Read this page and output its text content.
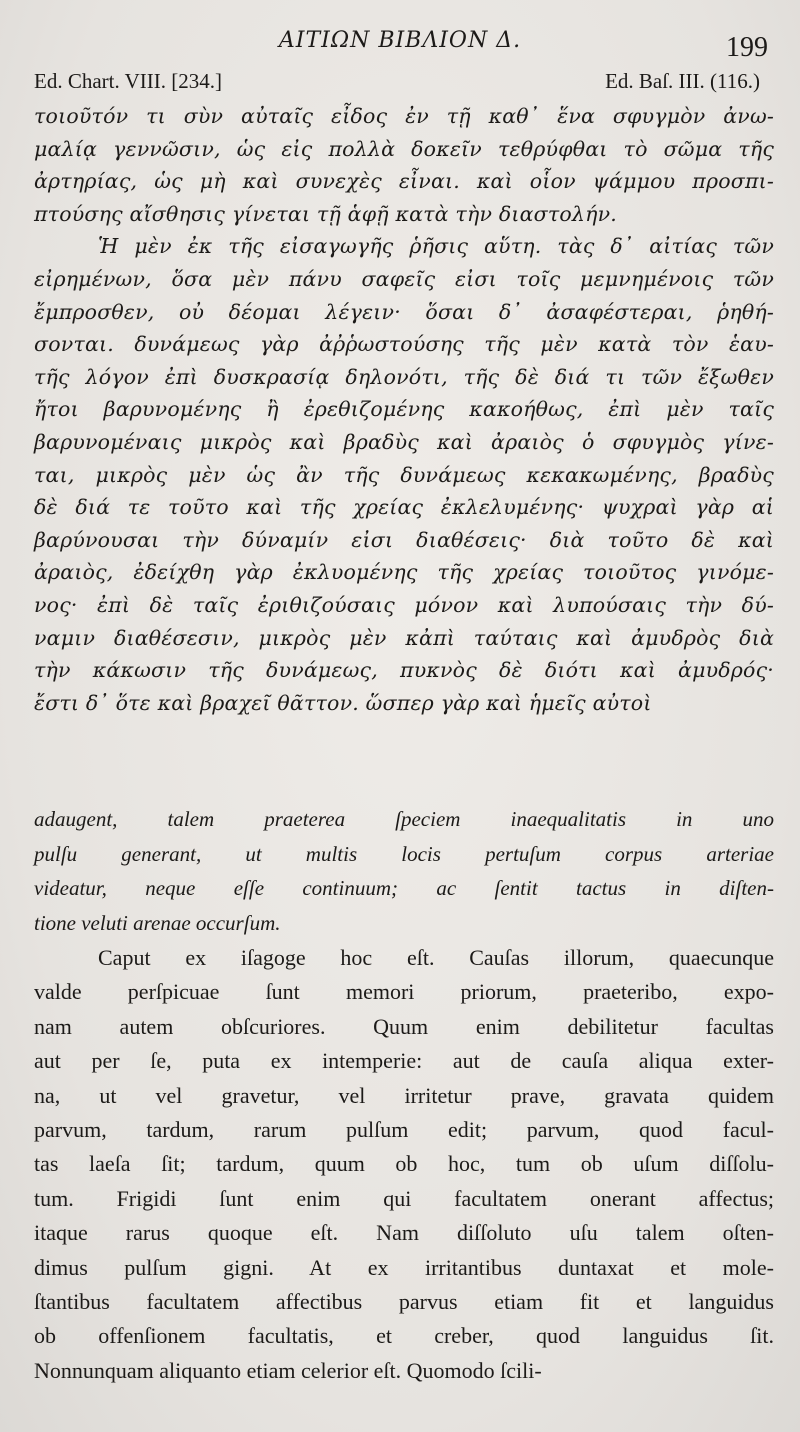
ΑΙΤΙΩΝ ΒΙΒΛΙΟΝ Δ.	199
Ed. Chart. VIII. [234.]	Ed. Baſ. III. (116.)
τοιοῦτόν τι σὺν αὐταῖς εἶδος ἐν τῇ καθ᾽ ἕνα σφυγμὸν ἀνω-
μαλίᾳ γεννῶσιν, ὡς εἰς πολλὰ δοκεῖν τεθρύφθαι τὸ σῶμα τῆς
ἀρτηρίας, ὡς μὴ καὶ συνεχὲς εἶναι. καὶ οἷον ψάμμου προσπι-
πτούσης αἴσθησις γίνεται τῇ ἁφῇ κατὰ τὴν διαστολήν.
Ἡ μὲν ἐκ τῆς εἰσαγωγῆς ῥῆσις αὕτη. τὰς δ᾽ αἰτίας τῶν
εἰρημένων, ὅσα μὲν πάνυ σαφεῖς εἰσι τοῖς μεμνημένοις τῶν
ἔμπροσθεν, οὐ δέομαι λέγειν· ὅσαι δ᾽ ἀσαφέστεραι, ῥηθή-
σονται. δυνάμεως γὰρ ἀῤῥωστούσης τῆς μὲν κατὰ τὸν ἑαυ-
τῆς λόγον ἐπὶ δυσκρασίᾳ δηλονότι, τῆς δὲ διά τι τῶν ἔξωθεν
ἤτοι βαρυνομένης ἢ ἐρεθιζομένης κακοήθως, ἐπὶ μὲν ταῖς
βαρυνομέναις μικρὸς καὶ βραδὺς καὶ ἀραιὸς ὁ σφυγμὸς γίνε-
ται, μικρὸς μὲν ὡς ἂν τῆς δυνάμεως κεκακωμένης, βραδὺς
δὲ διά τε τοῦτο καὶ τῆς χρείας ἐκλελυμένης· ψυχραὶ γὰρ αἱ
βαρύνουσαι τὴν δύναμίν εἰσι διαθέσεις· διὰ τοῦτο δὲ καὶ
ἀραιὸς, ἐδείχθη γὰρ ἐκλυομένης τῆς χρείας τοιοῦτος γινόμε-
νος· ἐπὶ δὲ ταῖς ἐριθιζούσαις μόνον καὶ λυπούσαις τὴν δύ-
ναμιν διαθέσεσιν, μικρὸς μὲν κἀπὶ ταύταις καὶ ἀμυδρὸς διὰ
τὴν κάκωσιν τῆς δυνάμεως, πυκνὸς δὲ διότι καὶ ἀμυδρός·
ἔστι δ᾽ ὅτε καὶ βραχεῖ θᾶττον. ὥσπερ γὰρ καὶ ἡμεῖς αὐτοὶ
adaugent, talem praeterea ſpeciem inaequalitatis in uno
pulſu generant, ut multis locis pertuſum corpus arteriae
videatur, neque eſſe continuum; ac ſentit tactus in diſten-
tione veluti arenae occurſum.
Caput ex iſagoge hoc eſt. Cauſas illorum, quaecunque
valde perſpicuae ſunt memori priorum, praeteribo, expo-
nam autem obſcuriores. Quum enim debilitetur facultas
aut per ſe, puta ex intemperie: aut de cauſa aliqua exter-
na, ut vel gravetur, vel irritetur prave, gravata quidem
parvum, tardum, rarum pulſum edit; parvum, quod facul-
tas laeſa ſit; tardum, quum ob hoc, tum ob uſum diſſolu-
tum. Frigidi ſunt enim qui facultatem onerant affectus;
itaque rarus quoque eſt. Nam diſſoluto uſu talem oſten-
dimus pulſum gigni. At ex irritantibus duntaxat et mole-
ſtantibus facultatem affectibus parvus etiam fit et languidus
ob offenſionem facultatis, et creber, quod languidus ſit.
Nonnunquam aliquanto etiam celerior eſt. Quomodo ſcili-
